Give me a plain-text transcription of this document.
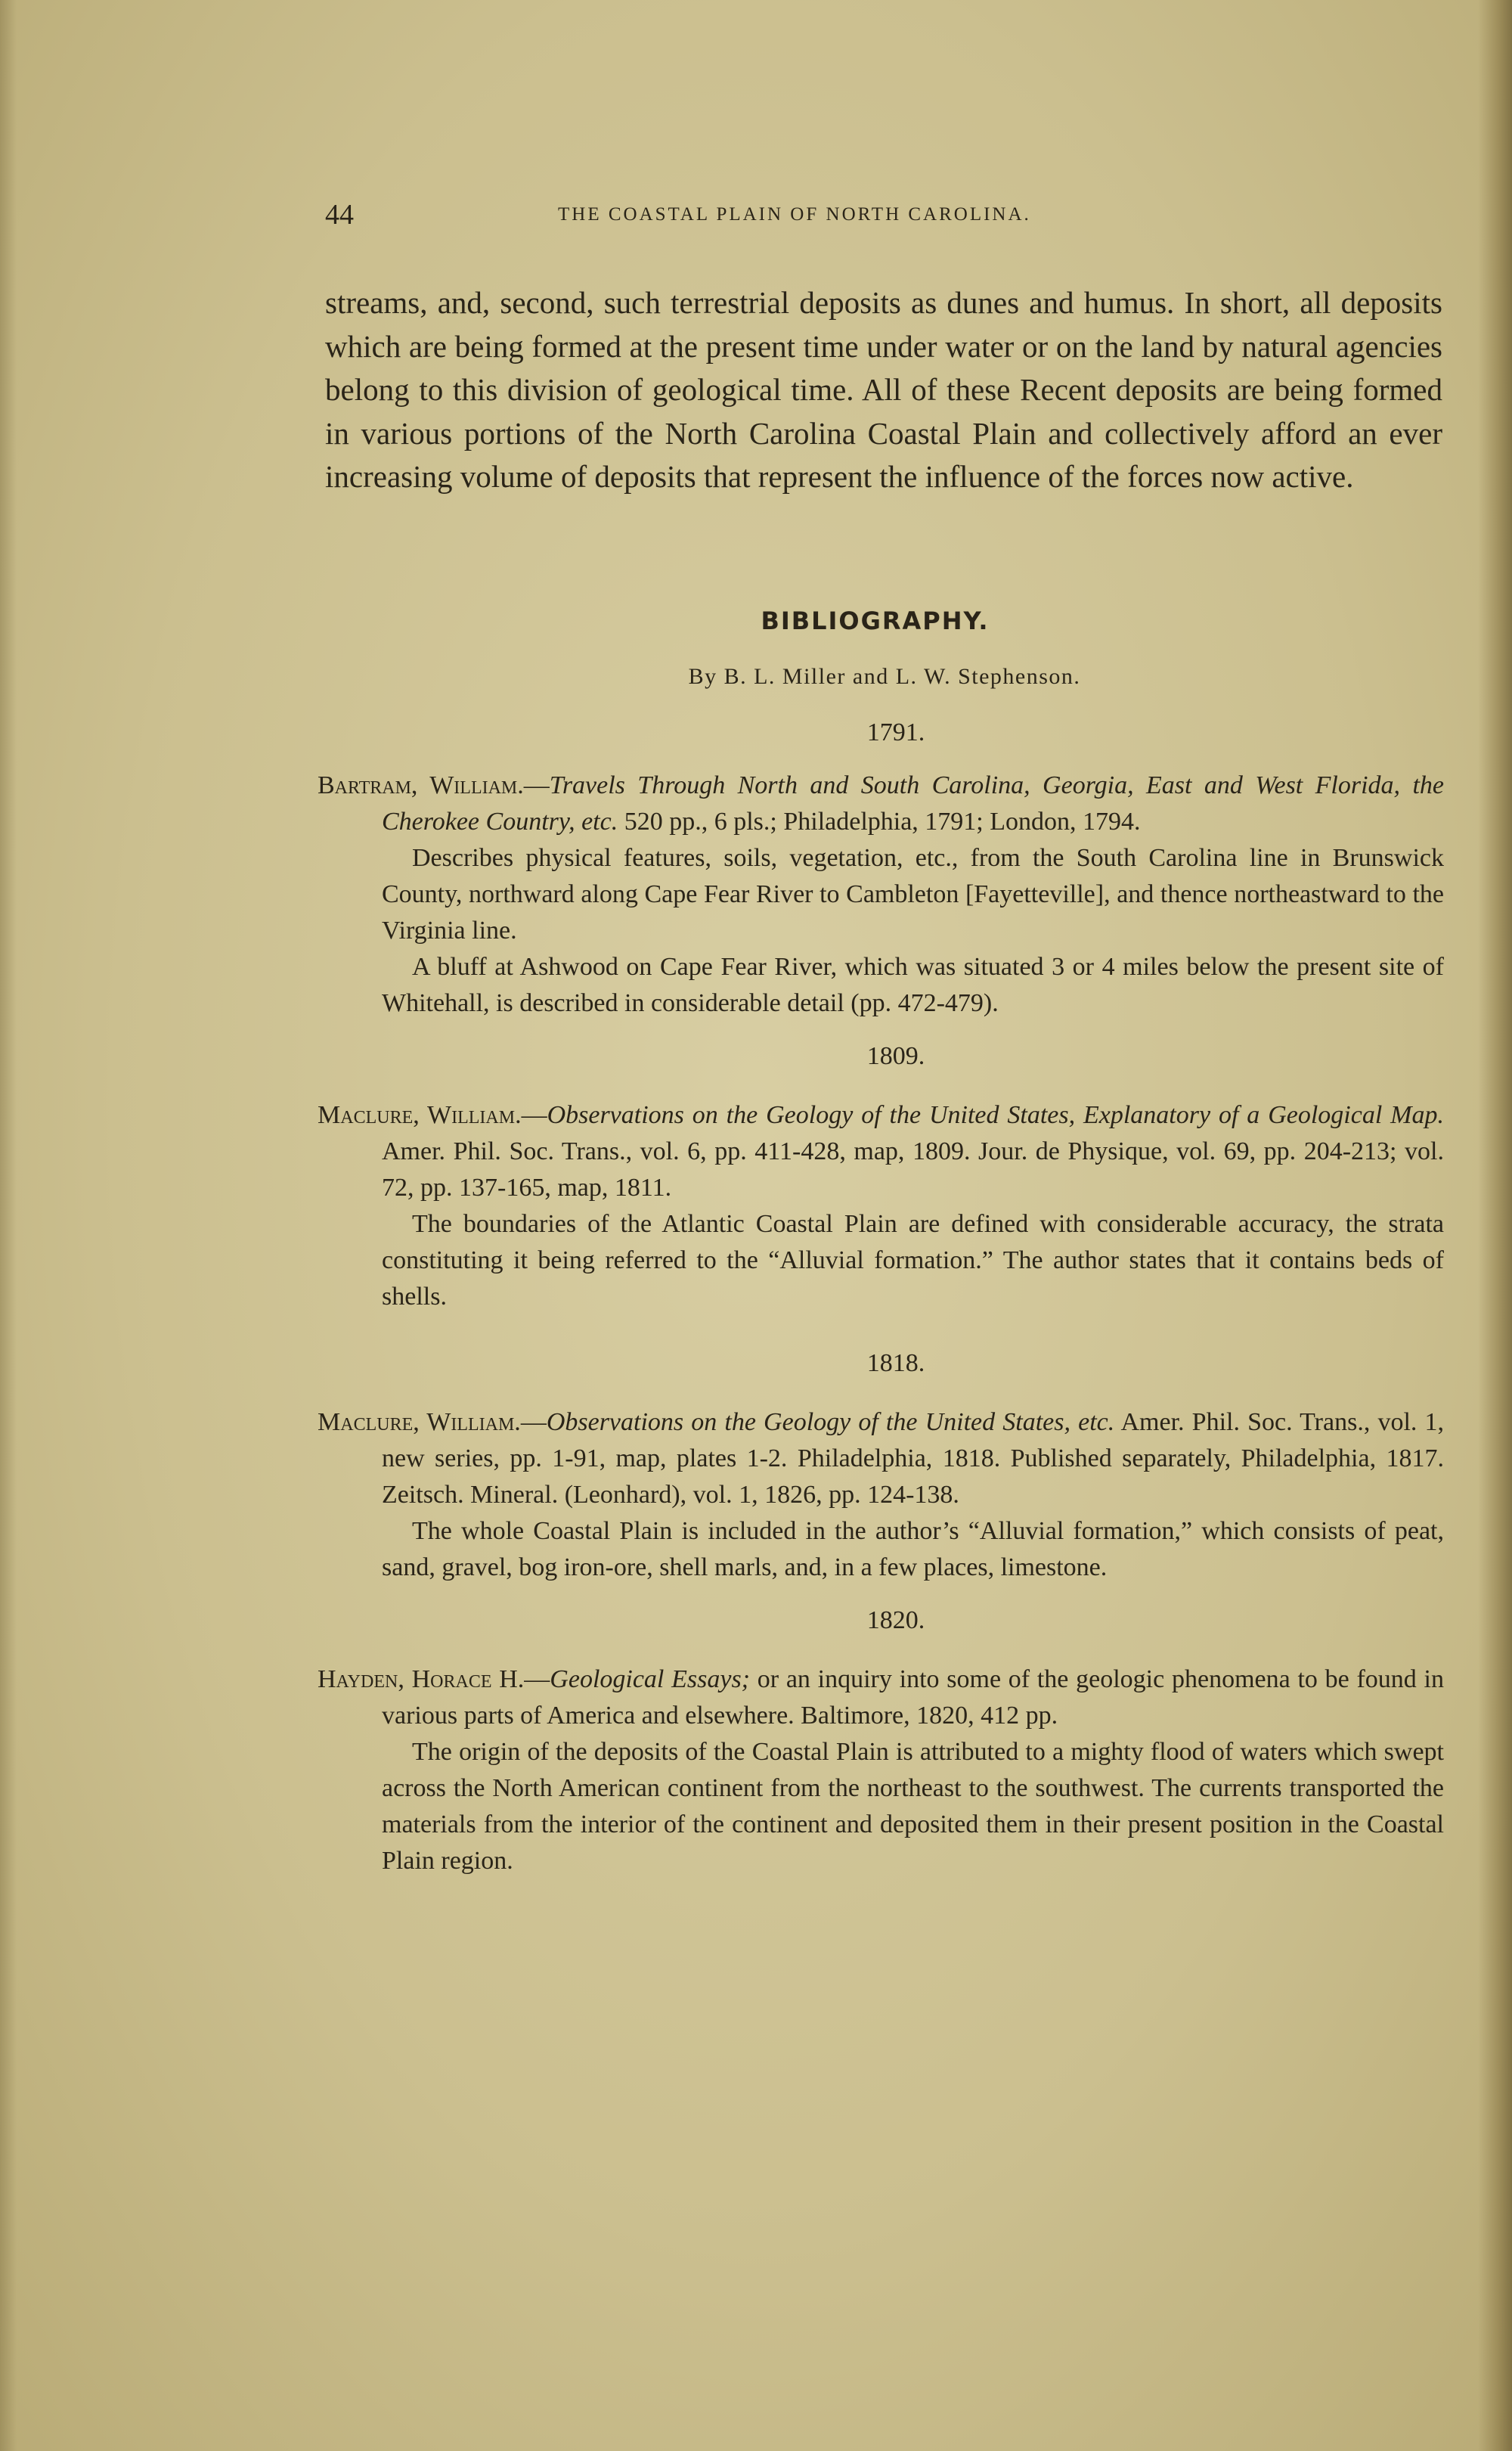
44	THE COASTAL PLAIN OF NORTH CAROLINA.
streams, and, second, such terrestrial deposits as dunes and humus. In short, all deposits which are being formed at the present time under water or on the land by natural agencies belong to this division of geological time. All of these Recent deposits are being formed in various portions of the North Carolina Coastal Plain and collectively afford an ever increasing volume of deposits that represent the influence of the forces now active.
BIBLIOGRAPHY.
By B. L. Miller and L. W. Stephenson.
1791.
Bartram, William.—Travels Through North and South Carolina, Georgia, East and West Florida, the Cherokee Country, etc. 520 pp., 6 pls.; Philadelphia, 1791; London, 1794.
Describes physical features, soils, vegetation, etc., from the South Carolina line in Brunswick County, northward along Cape Fear River to Cambleton [Fayetteville], and thence northeastward to the Virginia line.
A bluff at Ashwood on Cape Fear River, which was situated 3 or 4 miles below the present site of Whitehall, is described in considerable detail (pp. 472-479).
1809.
Maclure, William.—Observations on the Geology of the United States, Explanatory of a Geological Map. Amer. Phil. Soc. Trans., vol. 6, pp. 411-428, map, 1809. Jour. de Physique, vol. 69, pp. 204-213; vol. 72, pp. 137-165, map, 1811.
The boundaries of the Atlantic Coastal Plain are defined with considerable accuracy, the strata constituting it being referred to the “Alluvial formation.” The author states that it contains beds of shells.
1818.
Maclure, William.—Observations on the Geology of the United States, etc. Amer. Phil. Soc. Trans., vol. 1, new series, pp. 1-91, map, plates 1-2. Philadelphia, 1818. Published separately, Philadelphia, 1817. Zeitsch. Mineral. (Leonhard), vol. 1, 1826, pp. 124-138.
The whole Coastal Plain is included in the author’s “Alluvial formation,” which consists of peat, sand, gravel, bog iron-ore, shell marls, and, in a few places, limestone.
1820.
Hayden, Horace H.—Geological Essays; or an inquiry into some of the geologic phenomena to be found in various parts of America and elsewhere. Baltimore, 1820, 412 pp.
The origin of the deposits of the Coastal Plain is attributed to a mighty flood of waters which swept across the North American continent from the northeast to the southwest. The currents transported the materials from the interior of the continent and deposited them in their present position in the Coastal Plain region.
